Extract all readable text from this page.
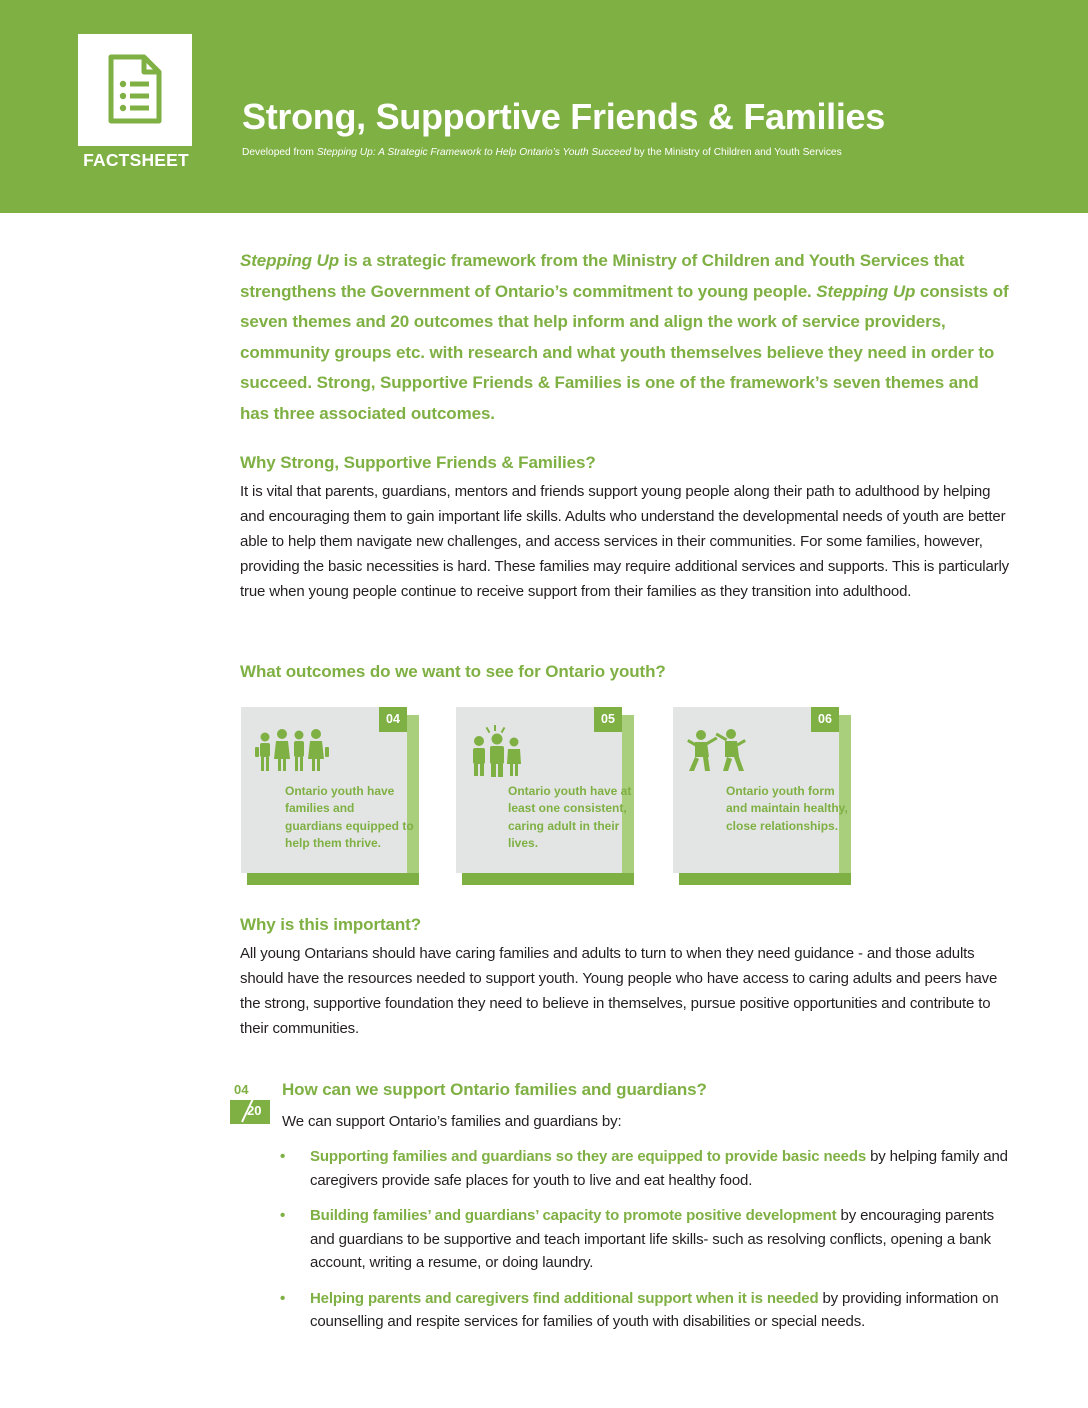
FACTSHEET
Strong, Supportive Friends & Families
Developed from Stepping Up: A Strategic Framework to Help Ontario’s Youth Succeed by the Ministry of Children and Youth Services
Stepping Up is a strategic framework from the Ministry of Children and Youth Services that strengthens the Government of Ontario’s commitment to young people. Stepping Up consists of seven themes and 20 outcomes that help inform and align the work of service providers, community groups etc. with research and what youth themselves believe they need in order to succeed. Strong, Supportive Friends & Families is one of the framework’s seven themes and has three associated outcomes.
Why Strong, Supportive Friends & Families?
It is vital that parents, guardians, mentors and friends support young people along their path to adulthood by helping and encouraging them to gain important life skills. Adults who understand the developmental needs of youth are better able to help them navigate new challenges, and access services in their communities. For some families, however, providing the basic necessities is hard. These families may require additional services and supports. This is particularly true when young people continue to receive support from their families as they transition into adulthood.
What outcomes do we want to see for Ontario youth?
04
Ontario youth have families and guardians equipped to help them thrive.
05
Ontario youth have at least one consistent, caring adult in their lives.
06
Ontario youth form and maintain healthy, close relationships.
Why is this important?
All young Ontarians should have caring families and adults to turn to when they need guidance - and those adults should have the resources needed to support youth. Young people who have access to caring adults and peers have the strong, supportive foundation they need to believe in themselves, pursue positive opportunities and contribute to their communities.
04
20
How can we support Ontario families and guardians?
We can support Ontario’s families and guardians by:
• Supporting families and guardians so they are equipped to provide basic needs by helping family and caregivers provide safe places for youth to live and eat healthy food.
• Building families’ and guardians’ capacity to promote positive development by encouraging parents and guardians to be supportive and teach important life skills- such as resolving conflicts, opening a bank account, writing a resume, or doing laundry.
• Helping parents and caregivers find additional support when it is needed by providing information on counselling and respite services for families of youth with disabilities or special needs.
